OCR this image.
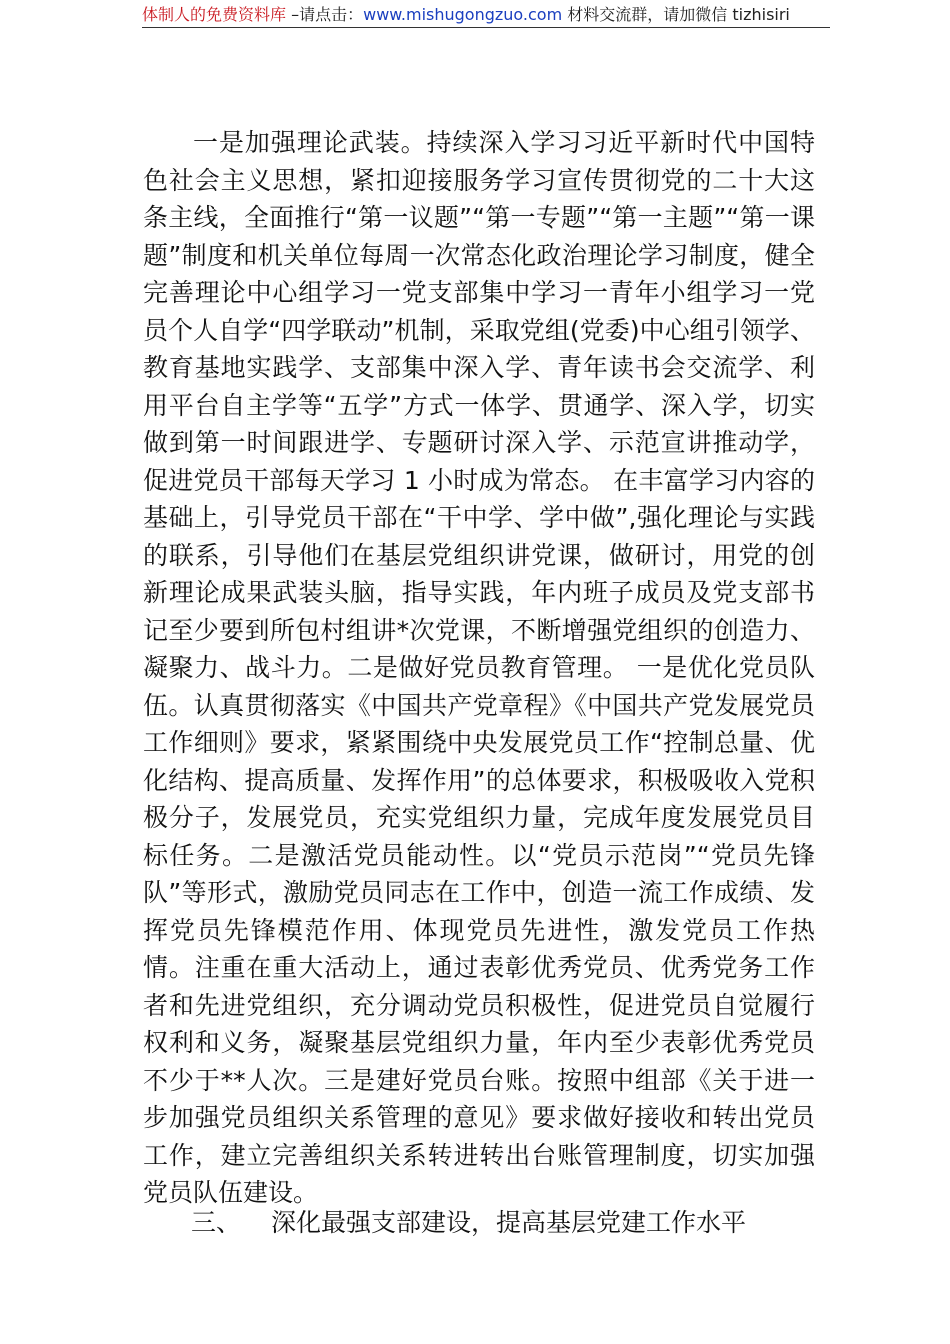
体制人的免费资料库 –请点击：www.mishugongzuo.com 材料交流群，请加微信 tizhisiri

一是加强理论武装。持续深入学习习近平新时代中国特色社会主义思想，紧扣迎接服务学习宣传贯彻党的二十大这条主线，全面推行“第一议题”“第一专题”“第一主题”“第一课题”制度和机关单位每周一次常态化政治理论学习制度，健全完善理论中心组学习一党支部集中学习一青年小组学习一党员个人自学“四学联动”机制，采取党组(党委)中心组引领学、教育基地实践学、支部集中深入学、青年读书会交流学、利用平台自主学等“五学”方式一体学、贯通学、深入学，切实做到第一时间跟进学、专题研讨深入学、示范宣讲推动学，促进党员干部每天学习 1 小时成为常态。 在丰富学习内容的基础上，引导党员干部在“干中学、学中做”,强化理论与实践的联系，引导他们在基层党组织讲党课，做研讨，用党的创新理论成果武装头脑，指导实践，年内班子成员及党支部书记至少要到所包村组讲*次党课，不断增强党组织的创造力、凝聚力、战斗力。二是做好党员教育管理。 一是优化党员队伍。认真贯彻落实《中国共产党章程》《中国共产党发展党员工作细则》要求，紧紧围绕中央发展党员工作“控制总量、优化结构、提高质量、发挥作用”的总体要求，积极吸收入党积极分子，发展党员，充实党组织力量，完成年度发展党员目标任务。二是激活党员能动性。以“党员示范岗”“党员先锋队”等形式，激励党员同志在工作中，创造一流工作成绩、发挥党员先锋模范作用、体现党员先进性，激发党员工作热情。注重在重大活动上，通过表彰优秀党员、优秀党务工作者和先进党组织，充分调动党员积极性，促进党员自觉履行权利和义务，凝聚基层党组织力量，年内至少表彰优秀党员不少于**人次。三是建好党员台账。按照中组部《关于进一步加强党员组织关系管理的意见》要求做好接收和转出党员工作，建立完善组织关系转进转出台账管理制度，切实加强党员队伍建设。

三、 深化最强支部建设，提高基层党建工作水平
